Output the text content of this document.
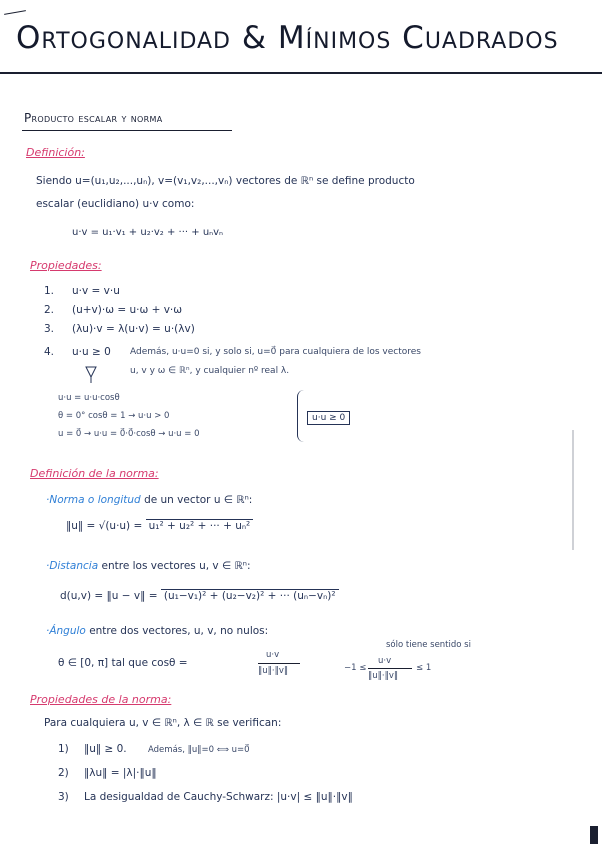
Ortogonalidad & Mínimos Cuadrados
Producto escalar y norma
Definición:
Siendo u=(u₁,u₂,...,uₙ), v=(v₁,v₂,...,vₙ) vectores de ℝⁿ se define producto
escalar (euclidiano) u·v como:
u·v = u₁·v₁ + u₂·v₂ + ··· + uₙvₙ
Propiedades:
1. u·v = v·u
2. (u+v)·ω = u·ω + v·ω
3. (λu)·v = λ(u·v) = u·(λv)
4. u·u ≥ 0 Además, u·u=0 si, y solo si, u=0⃗ para cualquiera de los vectores
u, v y ω ∈ ℝⁿ, y cualquier nº real λ.
u·u = u·u·cosθ
θ = 0° cosθ = 1 → u·u > 0
u = 0⃗ → u·u = 0⃗·0⃗·cosθ → u·u = 0
u·u ≥ 0
Definición de la norma:
·Norma o longitud de un vector u ∈ ℝⁿ:
‖u‖ = √(u·u) = u₁² + u₂² + ··· + uₙ²
·Distancia entre los vectores u, v ∈ ℝⁿ:
d(u,v) = ‖u − v‖ = (u₁−v₁)² + (u₂−v₂)² + ··· (uₙ−vₙ)²
·Ángulo entre dos vectores, u, v, no nulos:
sólo tiene sentido si
θ ∈ [0, π] tal que cosθ =
u·v
‖u‖·‖v‖	−1 ≤
u·v
‖u‖·‖v‖
≤ 1
Propiedades de la norma:
Para cualquiera u, v ∈ ℝⁿ, λ ∈ ℝ se verifican:
1) ‖u‖ ≥ 0.	Además, ‖u‖=0 ⟺ u=0⃗
2) ‖λu‖ = |λ|·‖u‖
3) La desigualdad de Cauchy-Schwarz: |u·v| ≤ ‖u‖·‖v‖
